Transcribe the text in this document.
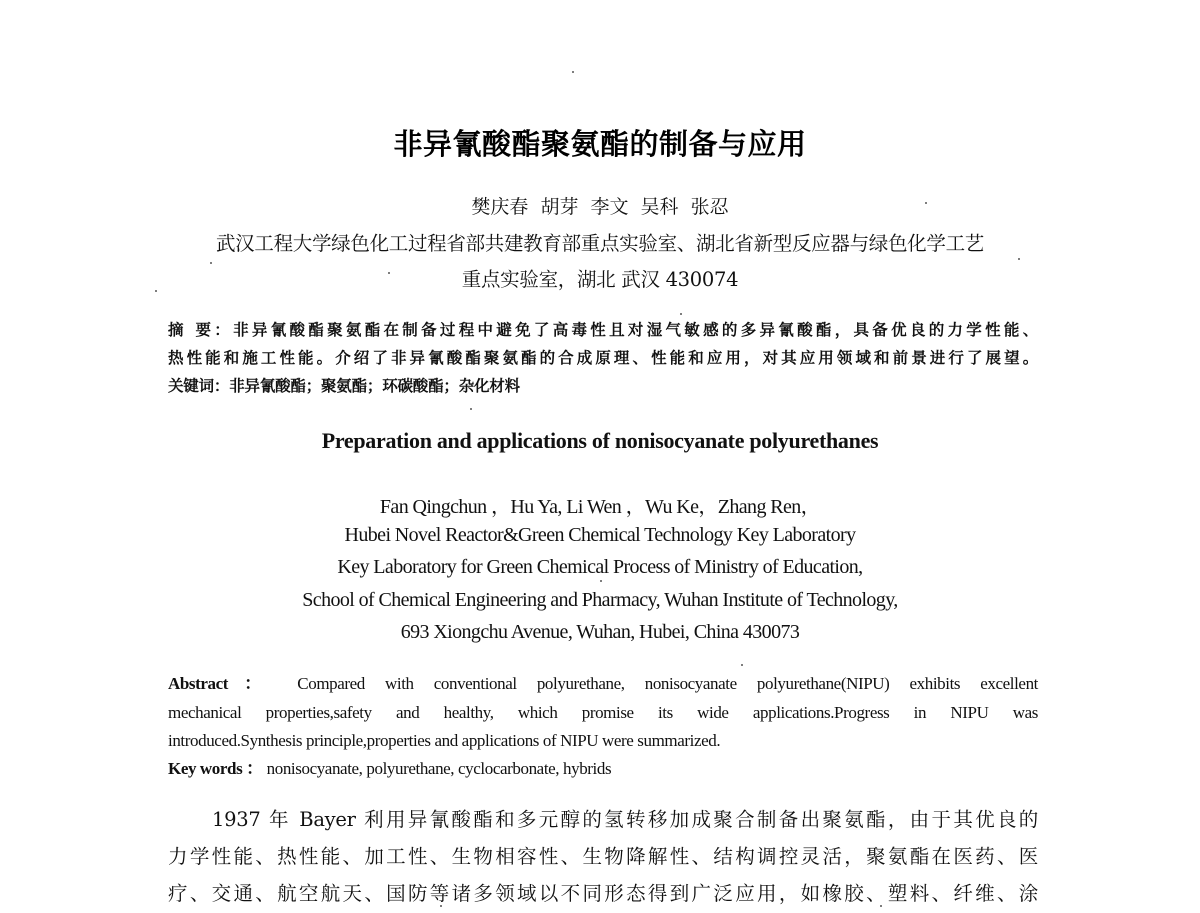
非异氰酸酯聚氨酯的制备与应用
樊庆春 胡芽 李文 吴科 张忍
武汉工程大学绿色化工过程省部共建教育部重点实验室、湖北省新型反应器与绿色化学工艺
重点实验室，湖北 武汉 430074
摘 要：非异氰酸酯聚氨酯在制备过程中避免了高毒性且对湿气敏感的多异氰酸酯，具备优良的力学性能、
热性能和施工性能。介绍了非异氰酸酯聚氨酯的合成原理、性能和应用，对其应用领域和前景进行了展望。
关键词：非异氰酸酯；聚氨酯；环碳酸酯；杂化材料
Preparation and applications of nonisocyanate polyurethanes
Fan Qingchun ，Hu Ya, Li Wen ，Wu Ke，Zhang Ren，
Hubei Novel Reactor&Green Chemical Technology Key Laboratory
Key Laboratory for Green Chemical Process of Ministry of Education,
School of Chemical Engineering and Pharmacy, Wuhan Institute of Technology,
693 Xiongchu Avenue, Wuhan, Hubei, China 430073
Abstract： Compared with conventional polyurethane, nonisocyanate polyurethane(NIPU) exhibits excellent
mechanical properties,safety and healthy, which promise its wide applications.Progress in NIPU was
introduced.Synthesis principle,properties and applications of NIPU were summarized.
Key words ： nonisocyanate, polyurethane, cyclocarbonate, hybrids
1937 年 Bayer 利用异氰酸酯和多元醇的氢转移加成聚合制备出聚氨酯，由于其优良的
力学性能、热性能、加工性、生物相容性、生物降解性、结构调控灵活，聚氨酯在医药、医
疗、交通、航空航天、国防等诸多领域以不同形态得到广泛应用，如橡胶、塑料、纤维、涂
